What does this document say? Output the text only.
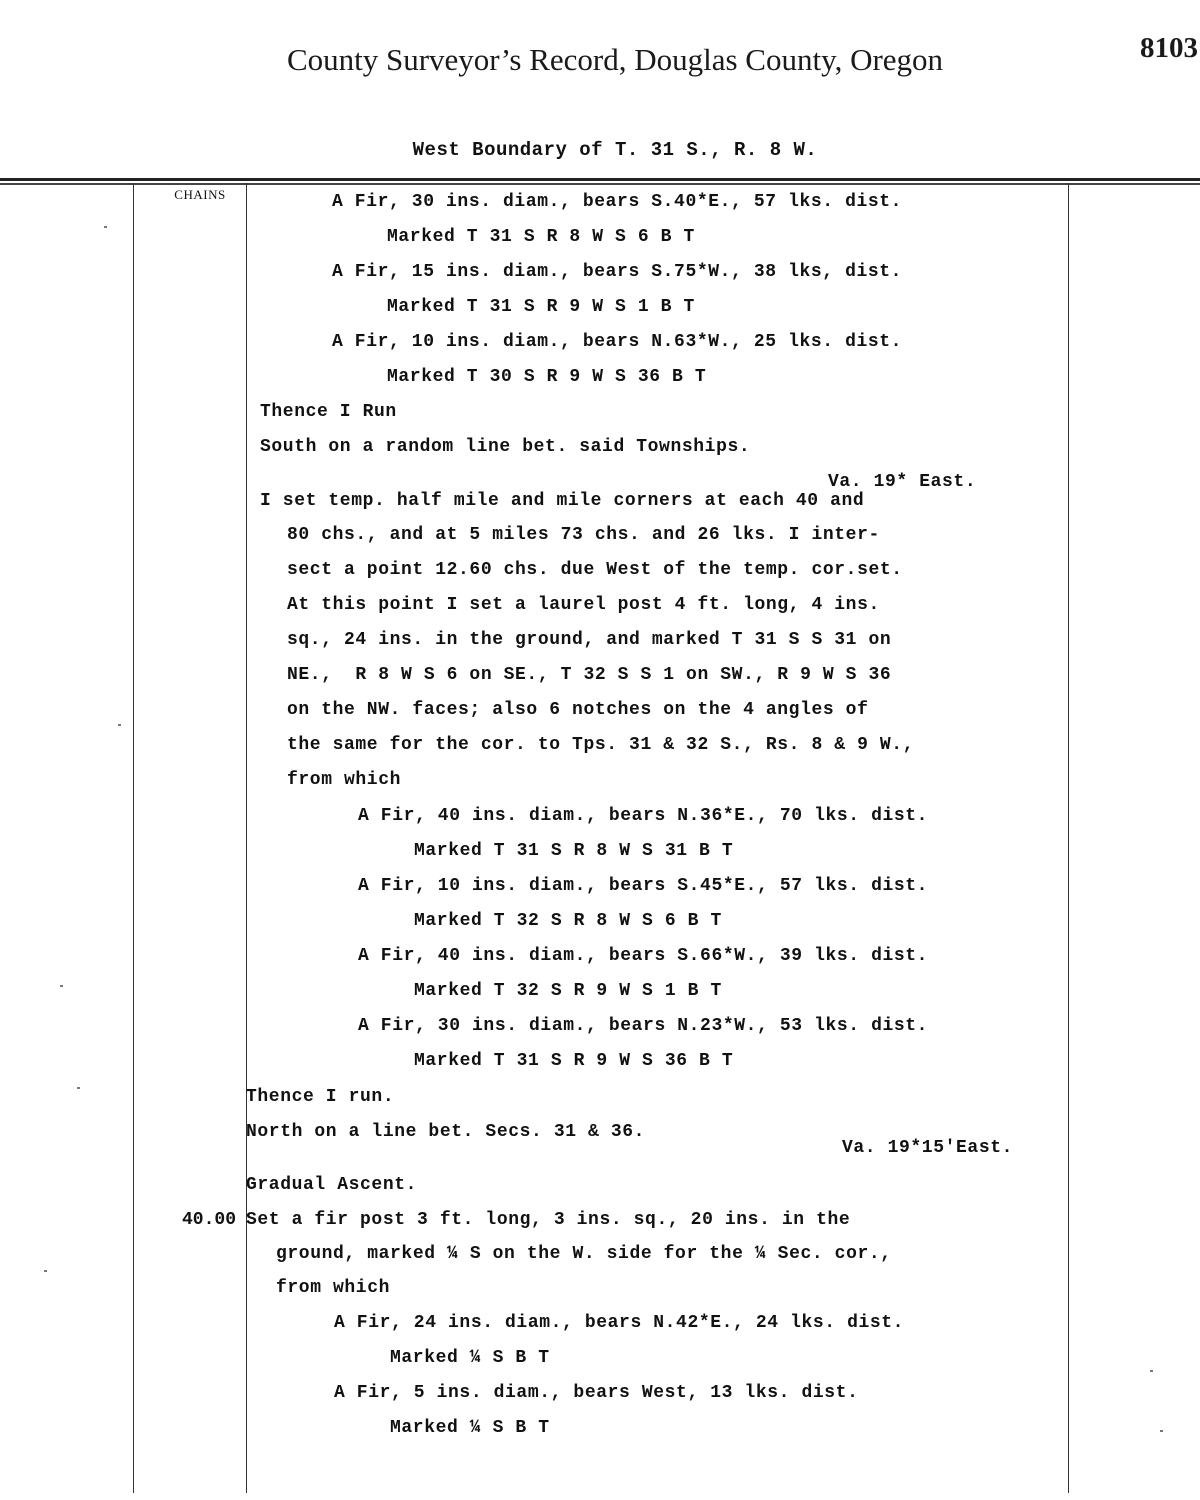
County Surveyor’s Record, Douglas County, Oregon	8103
West Boundary of T. 31 S., R. 8 W.
CHAINS
40.00
A Fir, 30 ins. diam., bears S.40*E., 57 lks. dist.
Marked T 31 S R 8 W S 6 B T
A Fir, 15 ins. diam., bears S.75*W., 38 lks, dist.
Marked T 31 S R 9 W S 1 B T
A Fir, 10 ins. diam., bears N.63*W., 25 lks. dist.
Marked T 30 S R 9 W S 36 B T
Thence I Run
South on a random line bet. said Townships.
Va. 19* East.
I set temp. half mile and mile corners at each 40 and
80 chs., and at 5 miles 73 chs. and 26 lks. I inter-
sect a point 12.60 chs. due West of the temp. cor.set.
At this point I set a laurel post 4 ft. long, 4 ins.
sq., 24 ins. in the ground, and marked T 31 S S 31 on
NE.,  R 8 W S 6 on SE., T 32 S S 1 on SW., R 9 W S 36
on the NW. faces; also 6 notches on the 4 angles of
the same for the cor. to Tps. 31 & 32 S., Rs. 8 & 9 W.,
from which
A Fir, 40 ins. diam., bears N.36*E., 70 lks. dist.
Marked T 31 S R 8 W S 31 B T
A Fir, 10 ins. diam., bears S.45*E., 57 lks. dist.
Marked T 32 S R 8 W S 6 B T
A Fir, 40 ins. diam., bears S.66*W., 39 lks. dist.
Marked T 32 S R 9 W S 1 B T
A Fir, 30 ins. diam., bears N.23*W., 53 lks. dist.
Marked T 31 S R 9 W S 36 B T
Thence I run.
North on a line bet. Secs. 31 & 36.
Va. 19*15'East.
Gradual Ascent.
Set a fir post 3 ft. long, 3 ins. sq., 20 ins. in the
ground, marked ¼ S on the W. side for the ¼ Sec. cor.,
from which
A Fir, 24 ins. diam., bears N.42*E., 24 lks. dist.
Marked ¼ S B T
A Fir, 5 ins. diam., bears West, 13 lks. dist.
Marked ¼ S B T
